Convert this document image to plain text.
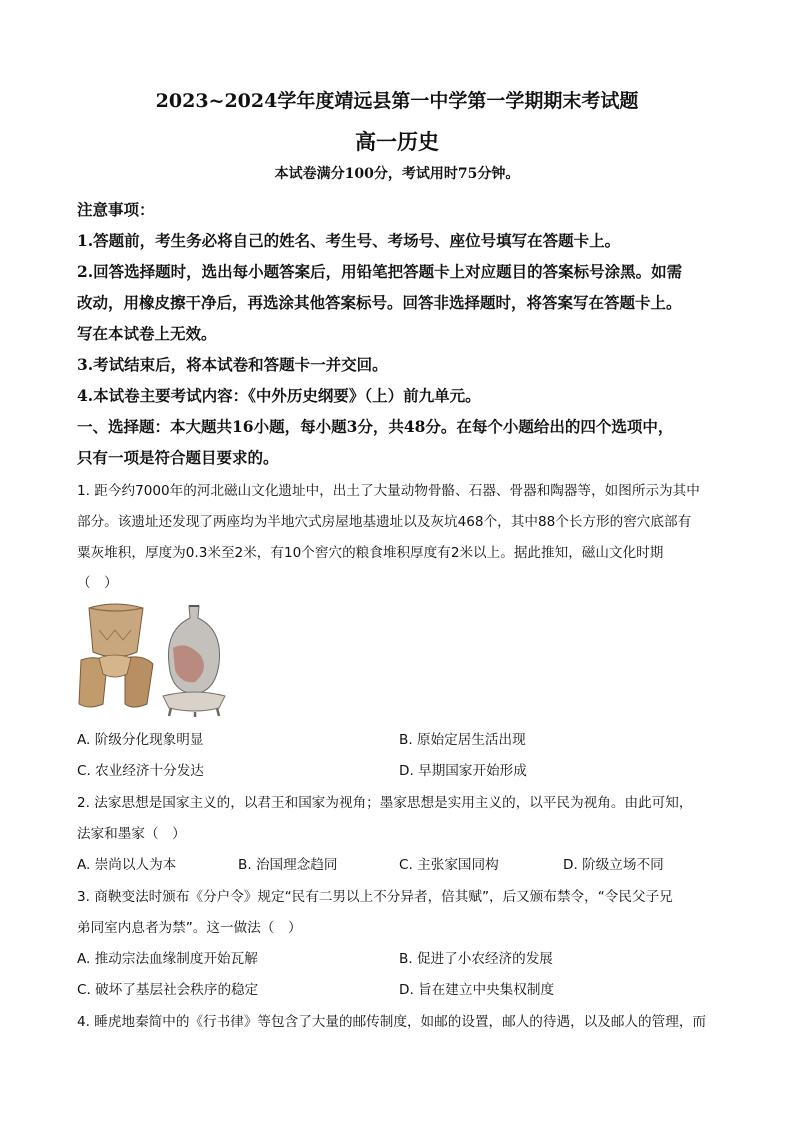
2023~2024学年度靖远县第一中学第一学期期末考试题
高一历史
本试卷满分100分，考试用时75分钟。
注意事项：
1.答题前，考生务必将自己的姓名、考生号、考场号、座位号填写在答题卡上。
2.回答选择题时，选出每小题答案后，用铅笔把答题卡上对应题目的答案标号涂黑。如需
改动，用橡皮擦干净后，再选涂其他答案标号。回答非选择题时，将答案写在答题卡上。
写在本试卷上无效。
3.考试结束后，将本试卷和答题卡一并交回。
4.本试卷主要考试内容：《中外历史纲要》（上）前九单元。
一、选择题：本大题共16小题，每小题3分，共48分。在每个小题给出的四个选项中，
只有一项是符合题目要求的。
1. 距今约7000年的河北磁山文化遗址中，出土了大量动物骨骼、石器、骨器和陶器等，如图所示为其中
部分。该遗址还发现了两座均为半地穴式房屋地基遗址以及灰坑468个，其中88个长方形的窖穴底部有
粟灰堆积，厚度为0.3米至2米，有10个窖穴的粮食堆积厚度有2米以上。据此推知，磁山文化时期
（　）
A. 阶级分化现象明显	B. 原始定居生活出现
C. 农业经济十分发达	D. 早期国家开始形成
2. 法家思想是国家主义的，以君王和国家为视角；墨家思想是实用主义的，以平民为视角。由此可知，
法家和墨家（　）
A. 崇尚以人为本	B. 治国理念趋同	C. 主张家国同构	D. 阶级立场不同
3. 商鞅变法时颁布《分户令》规定“民有二男以上不分异者，倍其赋”，后又颁布禁令，“令民父子兄
弟同室内息者为禁”。这一做法（　）
A. 推动宗法血缘制度开始瓦解	B. 促进了小农经济的发展
C. 破坏了基层社会秩序的稳定	D. 旨在建立中央集权制度
4. 睡虎地秦简中的《行书律》等包含了大量的邮传制度，如邮的设置，邮人的待遇，以及邮人的管理，而
